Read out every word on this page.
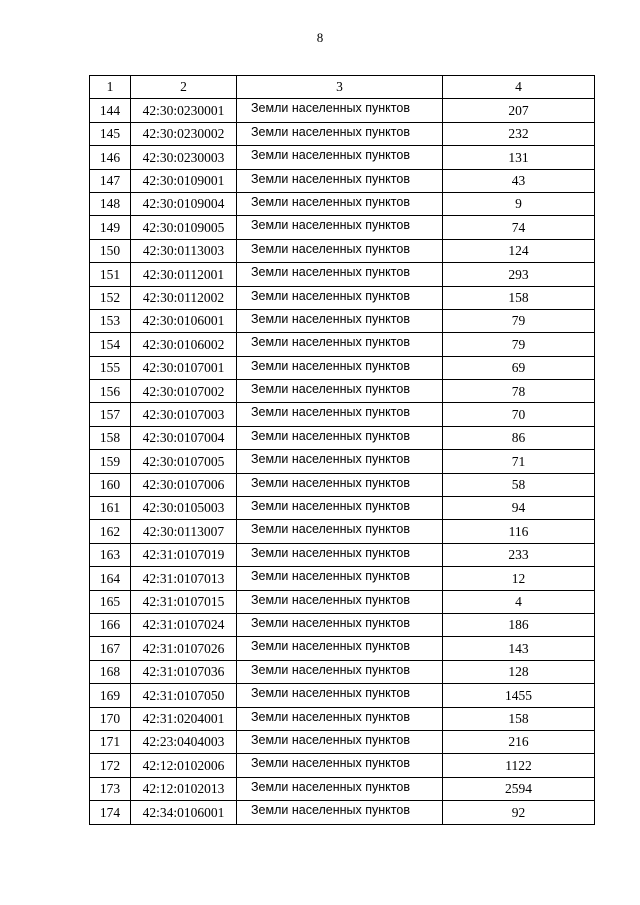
8
1	2	3	4
144	42:30:0230001	Земли населенных пунктов	207
145	42:30:0230002	Земли населенных пунктов	232
146	42:30:0230003	Земли населенных пунктов	131
147	42:30:0109001	Земли населенных пунктов	43
148	42:30:0109004	Земли населенных пунктов	9
149	42:30:0109005	Земли населенных пунктов	74
150	42:30:0113003	Земли населенных пунктов	124
151	42:30:0112001	Земли населенных пунктов	293
152	42:30:0112002	Земли населенных пунктов	158
153	42:30:0106001	Земли населенных пунктов	79
154	42:30:0106002	Земли населенных пунктов	79
155	42:30:0107001	Земли населенных пунктов	69
156	42:30:0107002	Земли населенных пунктов	78
157	42:30:0107003	Земли населенных пунктов	70
158	42:30:0107004	Земли населенных пунктов	86
159	42:30:0107005	Земли населенных пунктов	71
160	42:30:0107006	Земли населенных пунктов	58
161	42:30:0105003	Земли населенных пунктов	94
162	42:30:0113007	Земли населенных пунктов	116
163	42:31:0107019	Земли населенных пунктов	233
164	42:31:0107013	Земли населенных пунктов	12
165	42:31:0107015	Земли населенных пунктов	4
166	42:31:0107024	Земли населенных пунктов	186
167	42:31:0107026	Земли населенных пунктов	143
168	42:31:0107036	Земли населенных пунктов	128
169	42:31:0107050	Земли населенных пунктов	1455
170	42:31:0204001	Земли населенных пунктов	158
171	42:23:0404003	Земли населенных пунктов	216
172	42:12:0102006	Земли населенных пунктов	1122
173	42:12:0102013	Земли населенных пунктов	2594
174	42:34:0106001	Земли населенных пунктов	92
